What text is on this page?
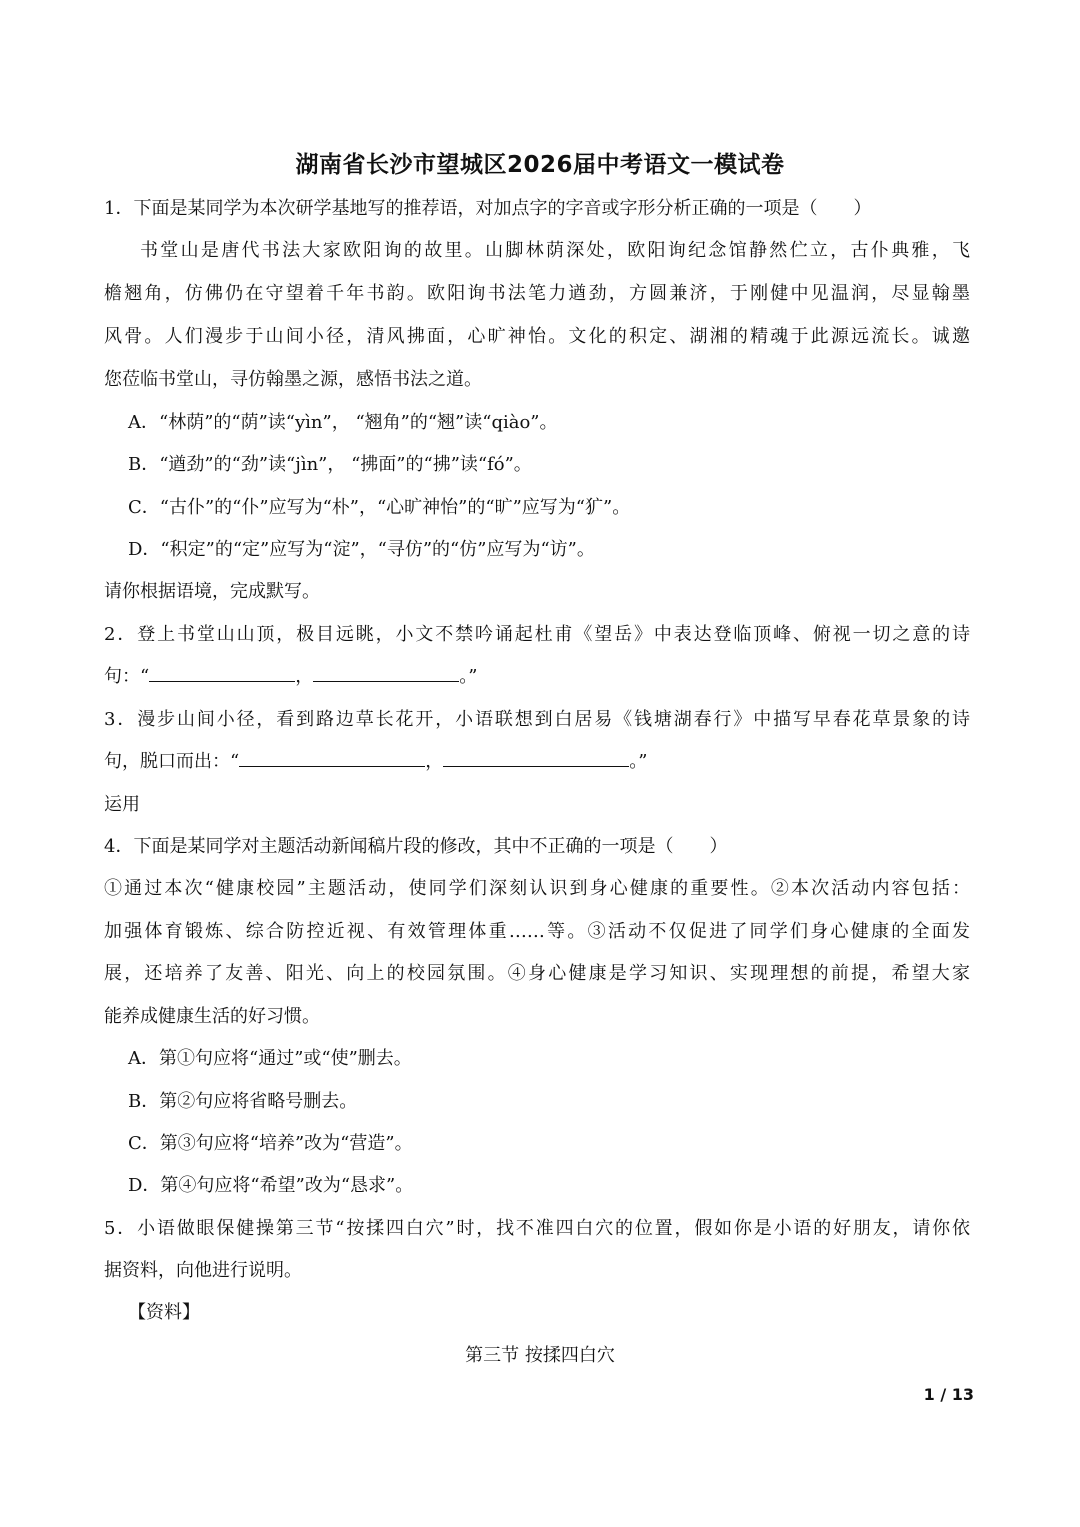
湖南省长沙市望城区2026届中考语文一模试卷
1．下面是某同学为本次研学基地写的推荐语，对加点字的字音或字形分析正确的一项是（　　）
书堂山是唐代书法大家欧阳询的故里。山脚林荫深处，欧阳询纪念馆静然伫立，古仆典雅，飞
檐翘角，仿佛仍在守望着千年书韵。欧阳询书法笔力遒劲，方圆兼济，于刚健中见温润，尽显翰墨
风骨。人们漫步于山间小径，清风拂面，心旷神怡。文化的积定、湖湘的精魂于此源远流长。诚邀
您莅临书堂山，寻仿翰墨之源，感悟书法之道。
A．“林荫”的“荫”读“yìn”， “翘角”的“翘”读“qiào”。
B．“遒劲”的“劲”读“jìn”， “拂面”的“拂”读“fó”。
C．“古仆”的“仆”应写为“朴”，“心旷神怡”的“旷”应写为“犷”。
D．“积定”的“定”应写为“淀”，“寻仿”的“仿”应写为“访”。
请你根据语境，完成默写。
2．登上书堂山山顶，极目远眺，小文不禁吟诵起杜甫《望岳》中表达登临顶峰、俯视一切之意的诗
句：“	，	。”
3．漫步山间小径，看到路边草长花开，小语联想到白居易《钱塘湖春行》中描写早春花草景象的诗
句，脱口而出：“	，	。”
运用
4．下面是某同学对主题活动新闻稿片段的修改，其中不正确的一项是（　　）
①通过本次“健康校园”主题活动，使同学们深刻认识到身心健康的重要性。②本次活动内容包括：
加强体育锻炼、综合防控近视、有效管理体重……等。③活动不仅促进了同学们身心健康的全面发
展，还培养了友善、阳光、向上的校园氛围。④身心健康是学习知识、实现理想的前提，希望大家
能养成健康生活的好习惯。
A．第①句应将“通过”或“使”删去。
B．第②句应将省略号删去。
C．第③句应将“培养”改为“营造”。
D．第④句应将“希望”改为“恳求”。
5．小语做眼保健操第三节“按揉四白穴”时，找不准四白穴的位置，假如你是小语的好朋友，请你依
据资料，向他进行说明。
【资料】
第三节 按揉四白穴
1 / 13
